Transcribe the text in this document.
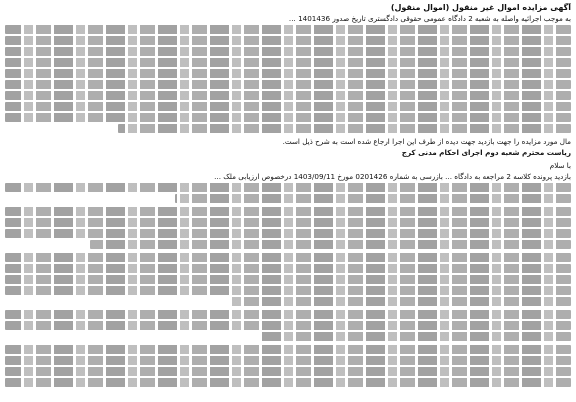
آگهی مزایده اموال غیر منقول (اموال منقول)
به موجب اجرائیه واصله به شعبه 2 دادگاه عمومی حقوقی دادگستری تاریخ صدور 1401436 ...
مال مورد مزایده را جهت بازدید جهت دیده از طرف این اجرا ارجاع شده است به شرح ذیل است.
ریاست محترم شعبه دوم اجرای احکام مدنی کرج
با سلام
بازدید پرونده کلاسه 2 مراجعه به دادگاه ... بازرسی به شماره 0201426 مورخ 1403/09/11 درخصوص ارزیابی ملک ...
